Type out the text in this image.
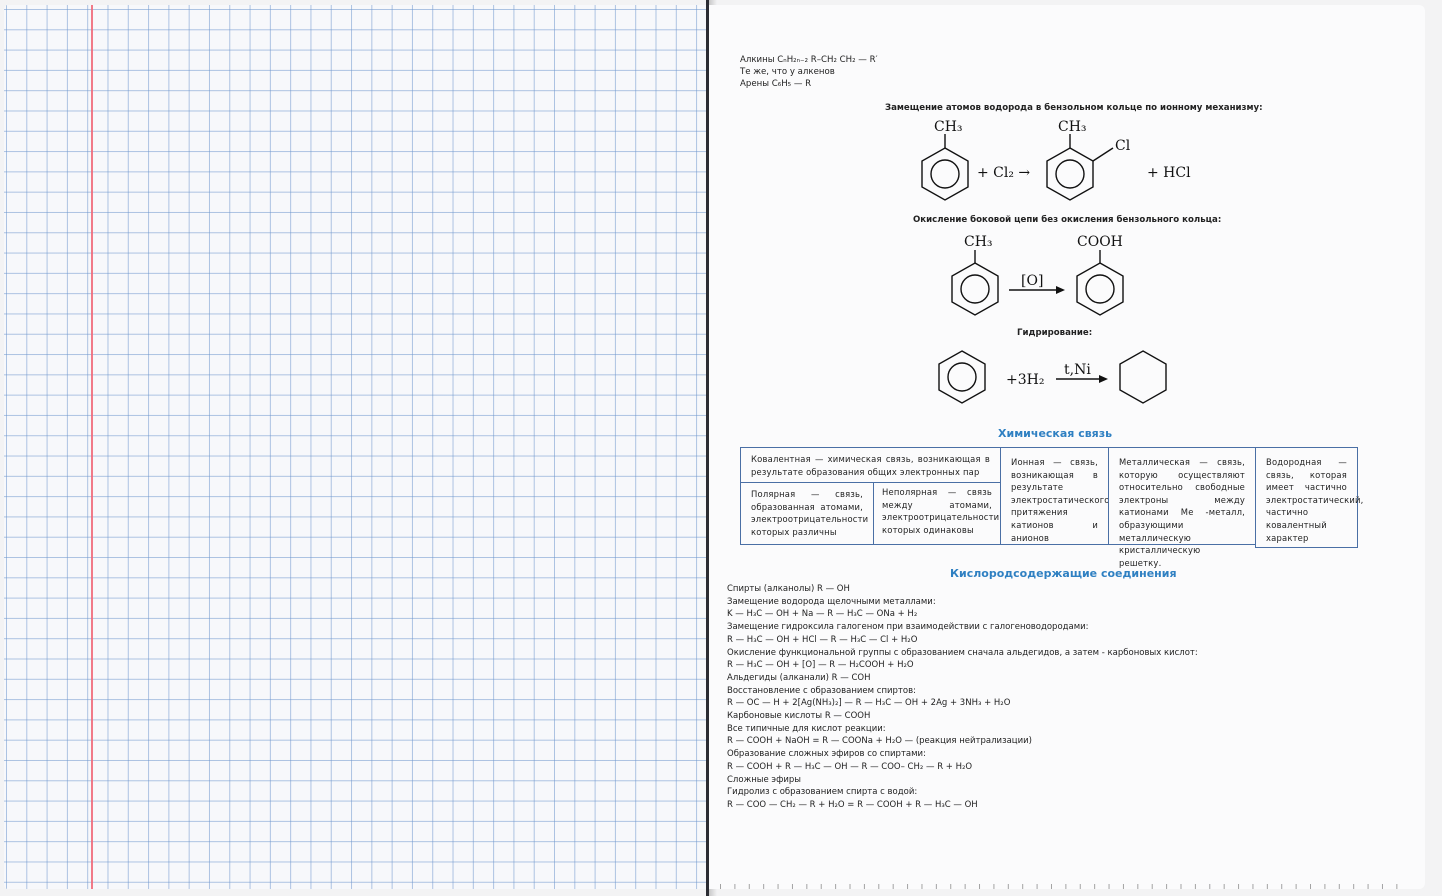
Алкины CₙH₂ₙ₋₂ R–CH₂ CH₂ — R′
Те же, что у алкенов
Арены C₆H₅ — R
Замещение атомов водорода в бензольном кольце по ионному механизму:
CH₃
+ Cl₂ →
CH₃
Cl
+ HCl
Окисление боковой цепи без окисления бензольного кольца:
CH₃
[O]
COOH
Гидрирование:
+3H₂
t,Ni
Химическая связь
Ковалентная — химическая связь, возникающая в результате образования общих электронных пар
Полярная — связь, образованная атомами, электроотрицательности которых различны
Неполярная — связь между атомами, электроотрицательности которых одинаковы
Ионная — связь, возникающая в результате электростатического притяжения катионов и анионов
Металлическая — связь, которую осуществляют относительно свободные электроны между катионами Ме -металл, образующими металлическую кристаллическую решетку.
Водородная — связь, которая имеет частично электростатический, частично ковалентный характер
Кислородсодержащие соединения
Спирты (алканолы) R — OH
Замещение водорода щелочными металлами:
K — H₃C — OH + Na — R — H₃C — ONa + H₂
Замещение гидроксила галогеном при взаимодействии с галогеноводородами:
R — H₃C — OH + HCl — R — H₃C — Cl + H₂O
Окисление функциональной группы с образованием сначала альдегидов, а затем - карбоновых кислот:
R — H₃C — OH + [O] — R — H₂COOH + H₂O
Альдегиды (алканали) R — COH
Восстановление с образованием спиртов:
R — OC — H + 2[Ag(NH₃)₂] — R — H₃C — OH + 2Ag + 3NH₃ + H₂O
Карбоновые кислоты R — COOH
Все типичные для кислот реакции:
R — COOH + NaOH = R — COONa + H₂O — (реакция нейтрализации)
Образование сложных эфиров со спиртами:
R — COOH + R — H₃C — OH — R — COO– CH₂ — R + H₂O
Сложные эфиры
Гидролиз с образованием спирта с водой:
R — COO — CH₂ — R + H₂O = R — COOH + R — H₃C — OH
